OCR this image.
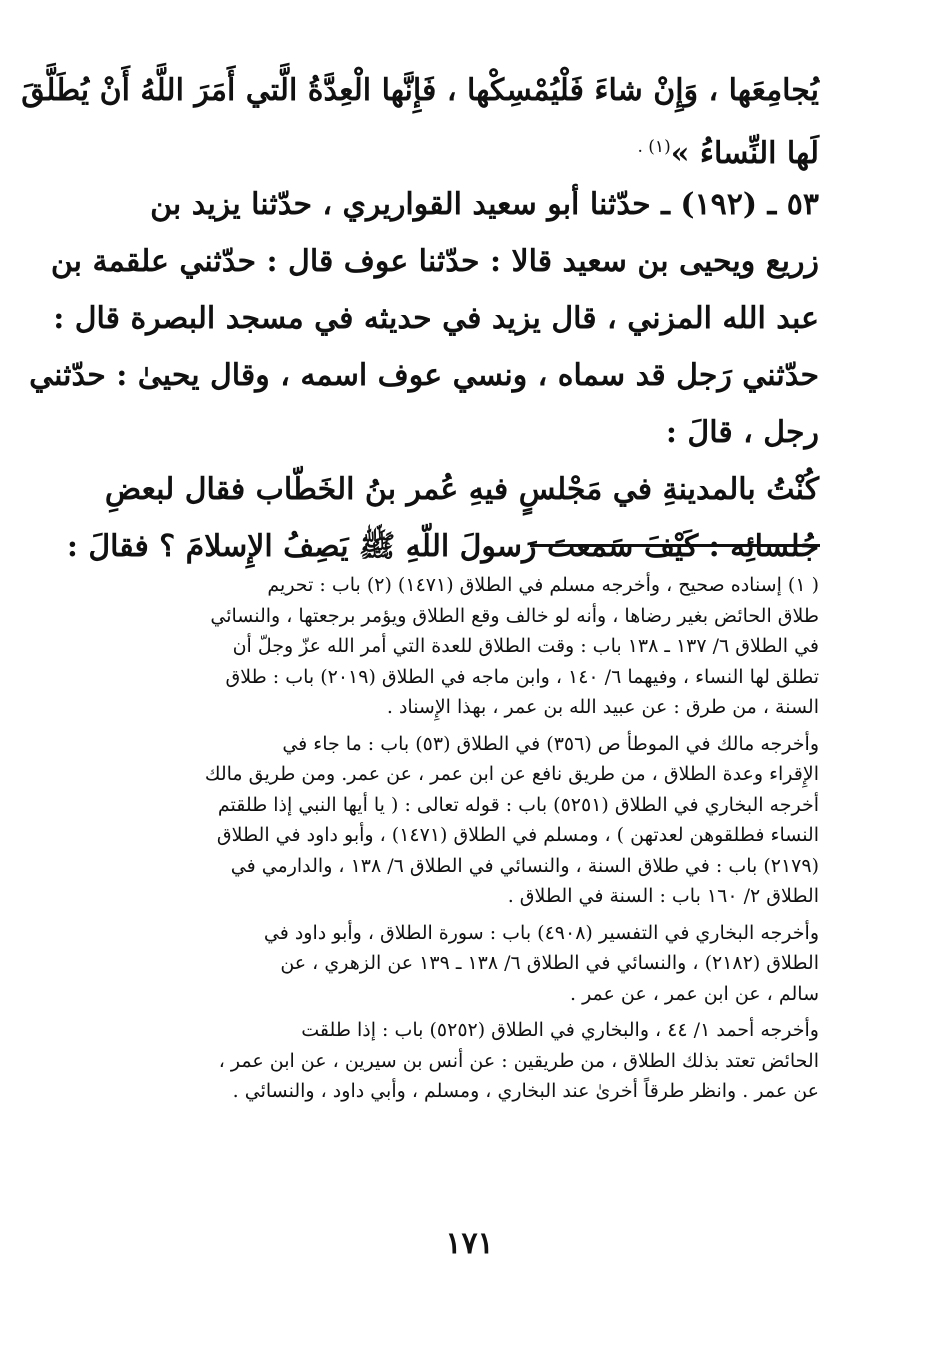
يُجامِعَها ، وَإِنْ شاءَ فَلْيُمْسِكْها ، فَإِنَّها الْعِدَّةُ الَّتي أَمَرَ اللَّهُ أَنْ يُطَلَّقَ
لَها النِّساءُ »$^{(١) .}$
٥٣ ـ (١٩٢) ـ حدّثنا أبو سعيد القواريري ، حدّثنا يزيد بن
زريع ويحيى بن سعيد قالا : حدّثنا عوف قال : حدّثني علقمة بن
عبد الله المزني ، قال يزيد في حديثه في مسجد البصرة قال :
حدّثني رَجل قد سماه ، ونسي عوف اسمه ، وقال يحيىٰ : حدّثني
رجل ، قالَ :
كُنْتُ بالمدينةِ في مَجْلسٍ فيهِ عُمر بنُ الخَطّاب فقال لبعضِ
جُلسائِه : كَيْفَ سَمعتَ رَسولَ اللّهِ ﷺ يَصِفُ الإِسلامَ ؟ فقالَ :
( ١) إسناده صحيح ، وأخرجه مسلم في الطلاق (١٤٧١) (٢) باب : تحريم
طلاق الحائض بغير رضاها ، وأنه لو خالف وقع الطلاق ويؤمر برجعتها ، والنسائي
في الطلاق ٦/ ١٣٧ ـ ١٣٨ باب : وقت الطلاق للعدة التي أمر الله عزّ وجلّ أن
تطلق لها النساء ، وفيهما ٦/ ١٤٠ ، وابن ماجه في الطلاق (٢٠١٩) باب : طلاق
السنة ، من طرق : عن عبيد الله بن عمر ، بهذا الإِسناد .
وأخرجه مالك في الموطأ ص (٣٥٦) في الطلاق (٥٣) باب : ما جاء في
الإِقراء وعدة الطلاق ، من طريق نافع عن ابن عمر ، عن عمر. ومن طريق مالك
أخرجه البخاري في الطلاق (٥٢٥١) باب : قوله تعالى : ( يا أيها النبي إذا طلقتم
النساء فطلقوهن لعدتهن ) ، ومسلم في الطلاق (١٤٧١) ، وأبو داود في الطلاق
(٢١٧٩) باب : في طلاق السنة ، والنسائي في الطلاق ٦/ ١٣٨ ، والدارمي في
الطلاق ٢/ ١٦٠ باب : السنة في الطلاق .
وأخرجه البخاري في التفسير (٤٩٠٨) باب : سورة الطلاق ، وأبو داود في
الطلاق (٢١٨٢) ، والنسائي في الطلاق ٦/ ١٣٨ ـ ١٣٩ عن الزهري ، عن
سالم ، عن ابن عمر ، عن عمر .
وأخرجه أحمد ١/ ٤٤ ، والبخاري في الطلاق (٥٢٥٢) باب : إذا طلقت
الحائض تعتد بذلك الطلاق ، من طريقين : عن أنس بن سيرين ، عن ابن عمر ،
عن عمر . وانظر طرقاً أخرىٰ عند البخاري ، ومسلم ، وأبي داود ، والنسائي .
١٧١
